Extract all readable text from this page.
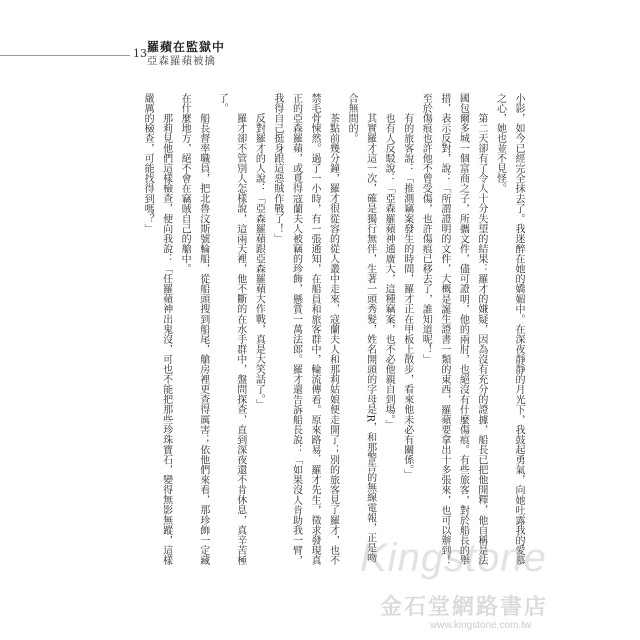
13 羅蘋在監獄中
亞森羅蘋被擒
小影，如今已經完全抹去了。我迷醉在她的嬌媚中。在深夜靜靜的月光下，我鼓起勇氣，向她吐露我的愛慕
之心，她也並不見怪。
第二天卻有了令人十分失望的結果：羅才的嫌疑，因為沒有充分的證據，船長已把他開釋，他自稱是法
國包爾多城一個富商之子，所攜文件，儘可證明，他的兩肘，也絕沒有什麼傷痕。有些旅客，對於船長的舉
措，表示反對，說：「所謂證明的文件，大概是誕生證書一類的東西，羅蘋要拿出十多張來，也可以辦到！
至於傷痕也許他不曾受傷，也許傷痕已移去了，誰知道呢！」
有的旅客說：「推測竊案發生的時間，羅才正在甲板上散步，看來他未必有關係。」
也有人反駁說：「亞森羅蘋神通廣大，這種竊案，也不必他親自到場。」
其實羅才這一次，確是獨行無伴，生著一頭秀髮，姓名開頭的字母是R，和那警告的無線電報，正是吻
合無間的。
茶點前幾分鐘，羅才很從容的從人叢中走來，寇蘭夫人和那莉姑娘便走開了；別的旅客見了羅才，也不
禁毛骨悚然。過了一小時，有一張通知，在船員和旅客群中，輪流傳看。原來路易．羅才先生，徵求發現真
正的亞森羅蘋，或覓得寇蘭夫人被竊的珍飾，懸賞一萬法郎。羅才還告訴船長說：「如果沒人肯助我一臂，
我得自己挺身跟這惡賊作戰了！」
反對羅才的人說：「亞森羅蘋跟亞森羅蘋大作戰，真是大笑話了。」
羅才卻不管別人怎樣說，這兩天裡，他不斷的在水手群中，盤問探查，直到深夜還不肯休息，真辛苦極
了。
船長督率職員，把北魯汶斯號輪船，從船頭搜到船尾，艙房裡更查得厲害；依他們來看，那珍飾一定藏
在什麼地方，絕不會在竊賊自己的艙中。
那莉見他們這樣檢查，便向我說：「任羅蘋神出鬼沒，可也不能把那些珍珠寶石，變得無影無蹤，這樣
嚴厲的檢查，可能找得到嗎？」
Kingstone
金石堂網路書店
www.kingstone.com.tw
